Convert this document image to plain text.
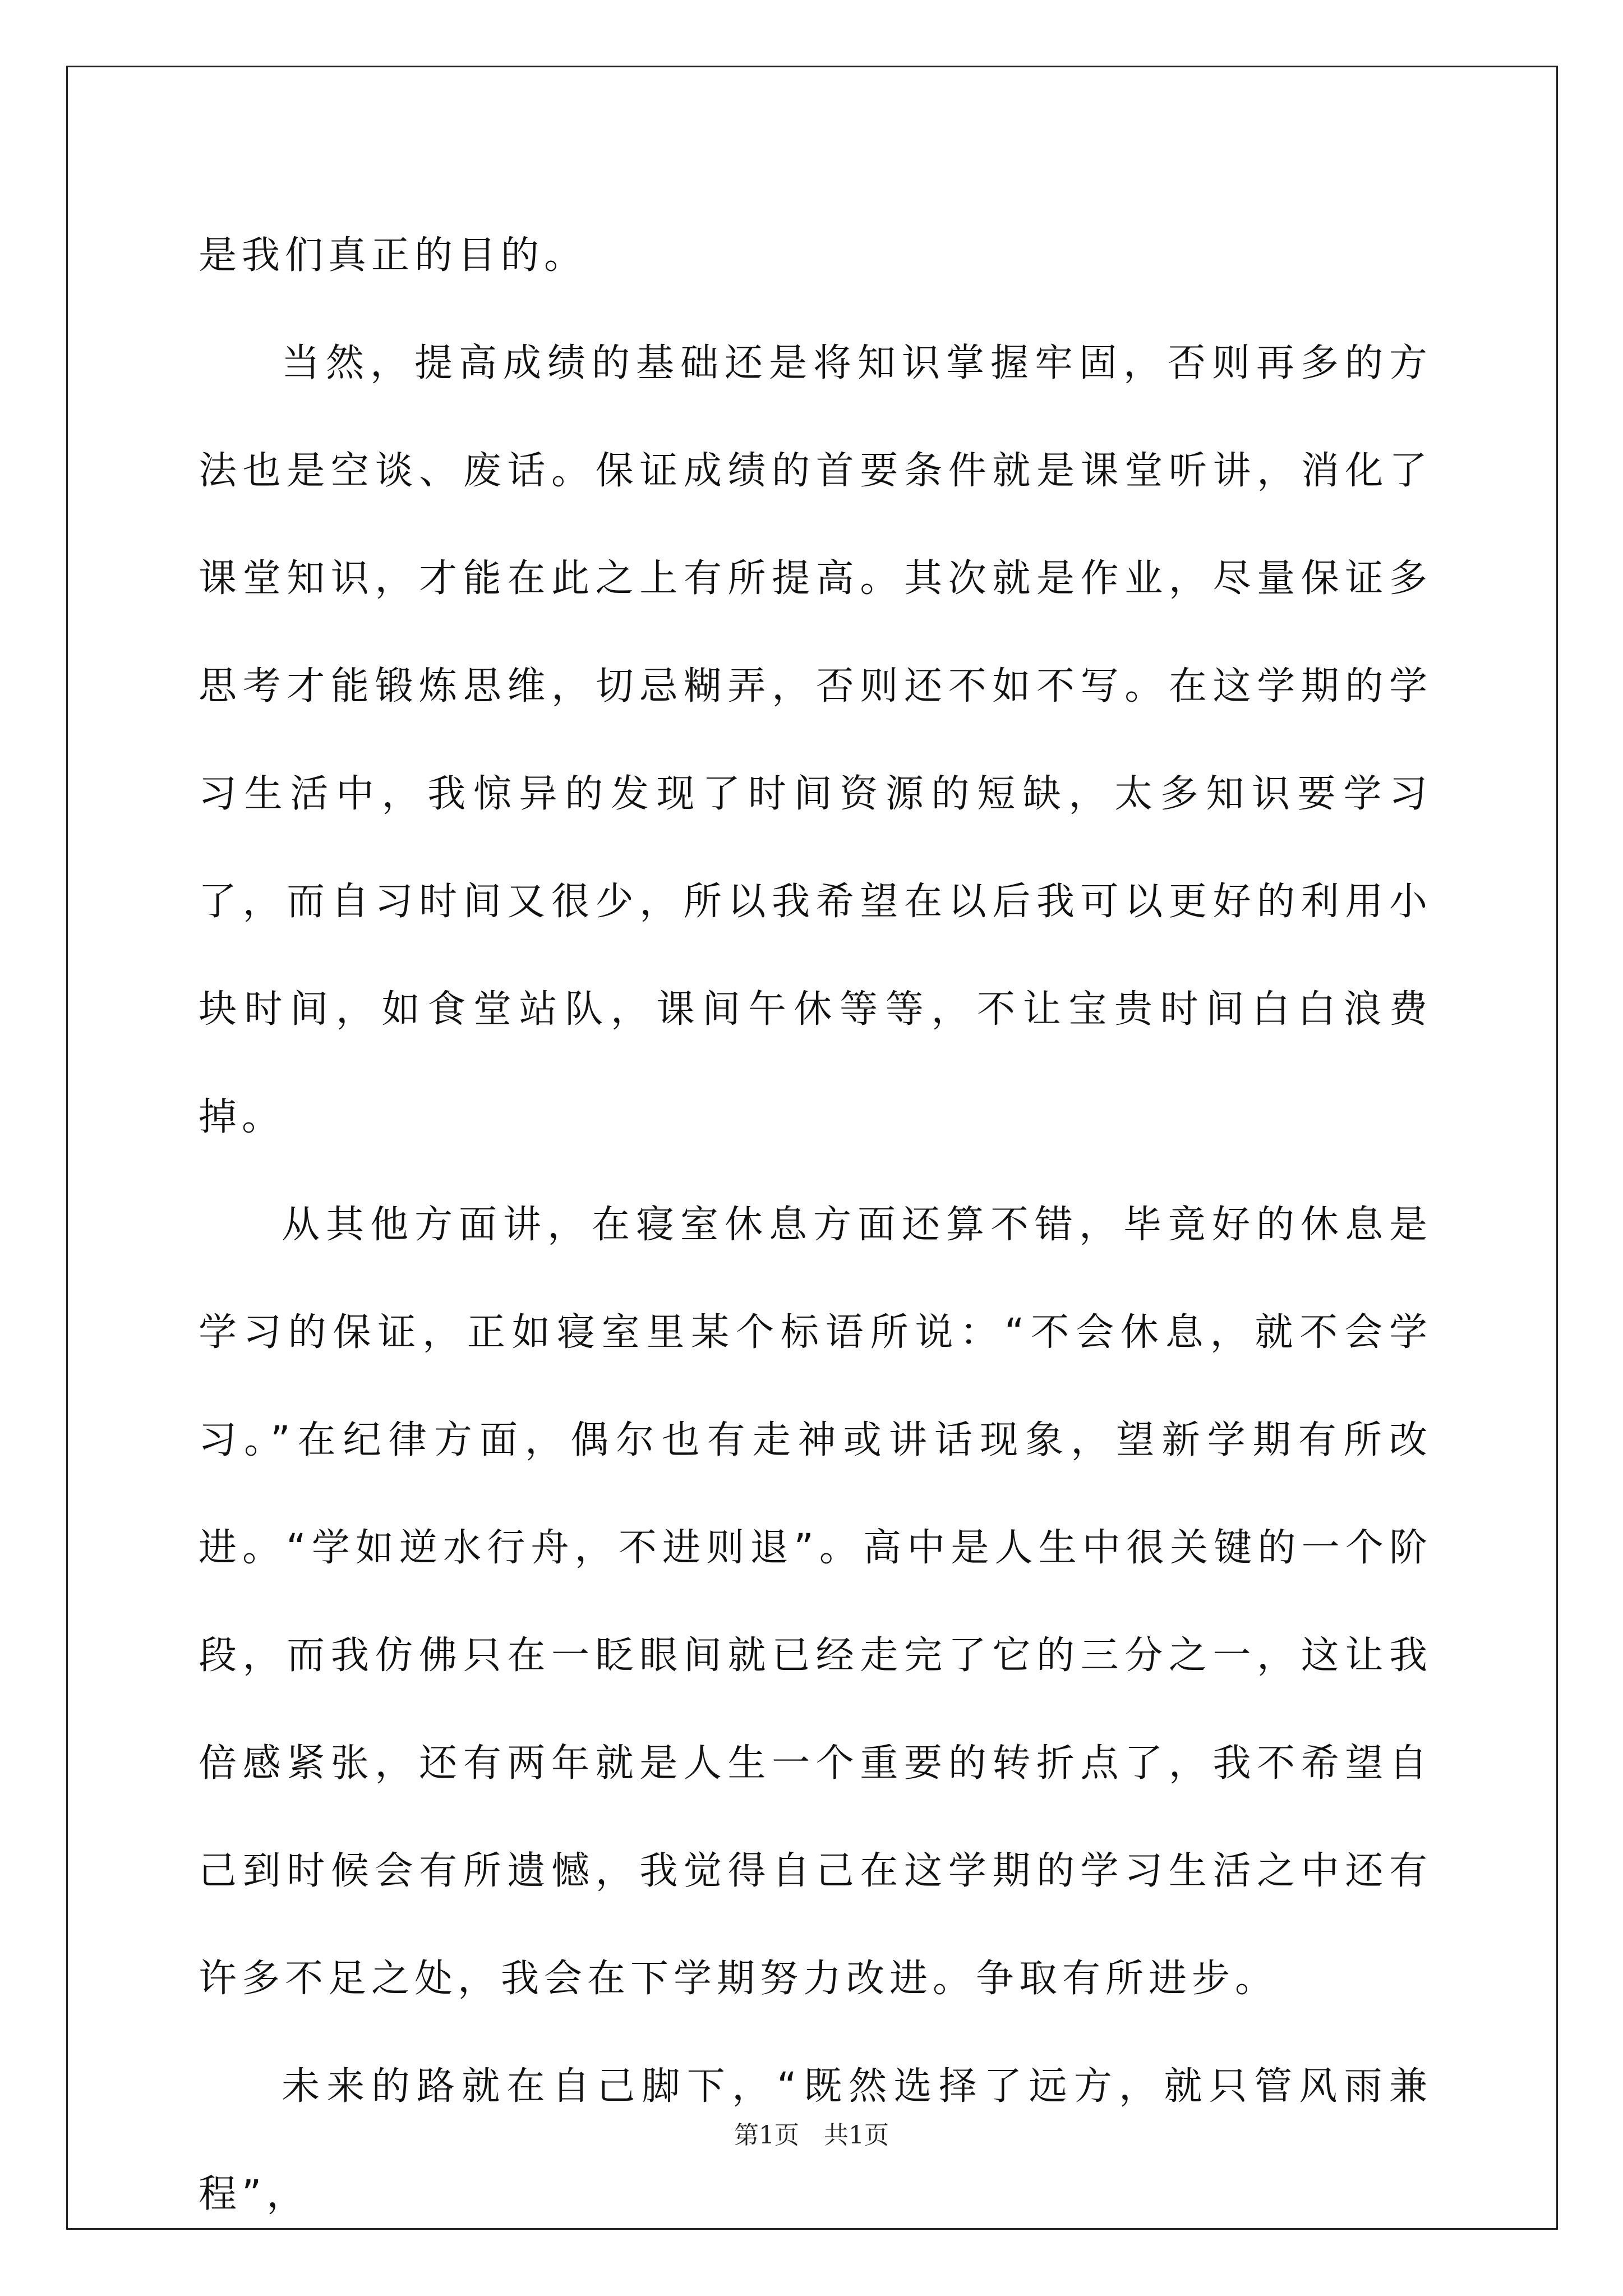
是我们真正的目的。

当然，提高成绩的基础还是将知识掌握牢固，否则再多的方法也是空谈、废话。保证成绩的首要条件就是课堂听讲，消化了课堂知识，才能在此之上有所提高。其次就是作业，尽量保证多思考才能锻炼思维，切忌糊弄，否则还不如不写。在这学期的学习生活中，我惊异的发现了时间资源的短缺，太多知识要学习了，而自习时间又很少，所以我希望在以后我可以更好的利用小块时间，如食堂站队，课间午休等等，不让宝贵时间白白浪费掉。

从其他方面讲，在寝室休息方面还算不错，毕竟好的休息是学习的保证，正如寝室里某个标语所说：“不会休息，就不会学习。”在纪律方面，偶尔也有走神或讲话现象，望新学期有所改进。“学如逆水行舟，不进则退”。高中是人生中很关键的一个阶段，而我仿佛只在一眨眼间就已经走完了它的三分之一，这让我倍感紧张，还有两年就是人生一个重要的转折点了，我不希望自己到时候会有所遗憾，我觉得自己在这学期的学习生活之中还有许多不足之处，我会在下学期努力改进。争取有所进步。

未来的路就在自己脚下，“既然选择了远方，就只管风雨兼程”，

第1页 共1页
